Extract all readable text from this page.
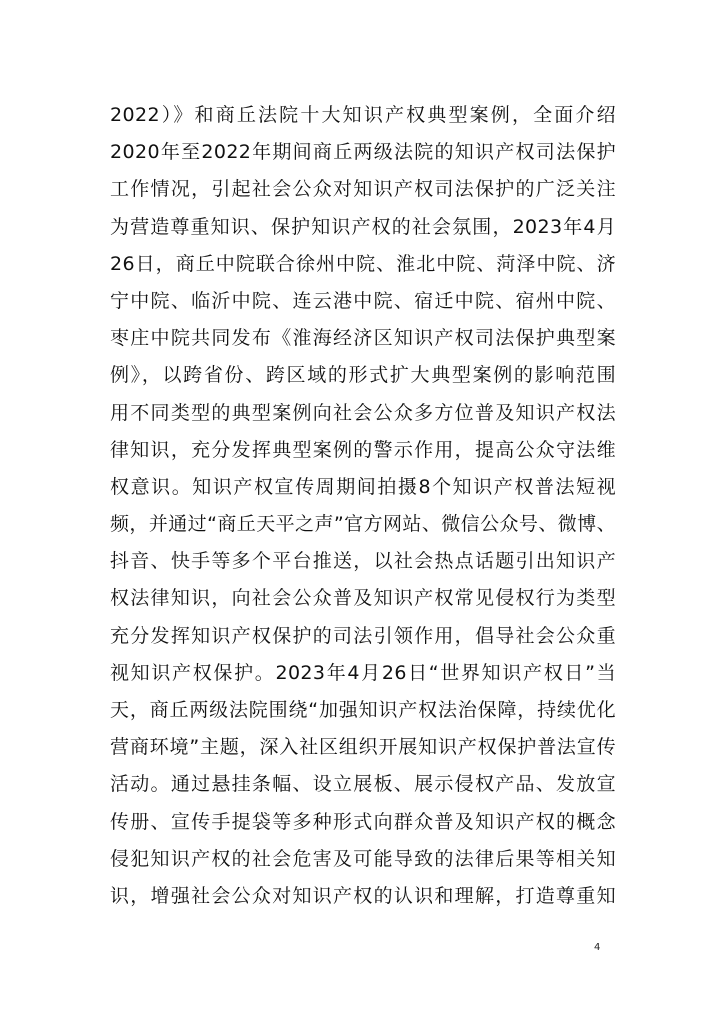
2022）》和商丘法院十大知识产权典型案例，全面介绍
2020年至2022年期间商丘两级法院的知识产权司法保护
工作情况，引起社会公众对知识产权司法保护的广泛关注
为营造尊重知识、保护知识产权的社会氛围，2023年4月
26日，商丘中院联合徐州中院、淮北中院、菏泽中院、济
宁中院、临沂中院、连云港中院、宿迁中院、宿州中院、
枣庄中院共同发布《淮海经济区知识产权司法保护典型案
例》，以跨省份、跨区域的形式扩大典型案例的影响范围
用不同类型的典型案例向社会公众多方位普及知识产权法
律知识，充分发挥典型案例的警示作用，提高公众守法维
权意识。知识产权宣传周期间拍摄8个知识产权普法短视
频，并通过“商丘天平之声”官方网站、微信公众号、微博、
抖音、快手等多个平台推送，以社会热点话题引出知识产
权法律知识，向社会公众普及知识产权常见侵权行为类型
充分发挥知识产权保护的司法引领作用，倡导社会公众重
视知识产权保护。2023年4月26日“世界知识产权日”当
天，商丘两级法院围绕“加强知识产权法治保障，持续优化
营商环境”主题，深入社区组织开展知识产权保护普法宣传
活动。通过悬挂条幅、设立展板、展示侵权产品、发放宣
传册、宣传手提袋等多种形式向群众普及知识产权的概念
侵犯知识产权的社会危害及可能导致的法律后果等相关知
识，增强社会公众对知识产权的认识和理解，打造尊重知
4
